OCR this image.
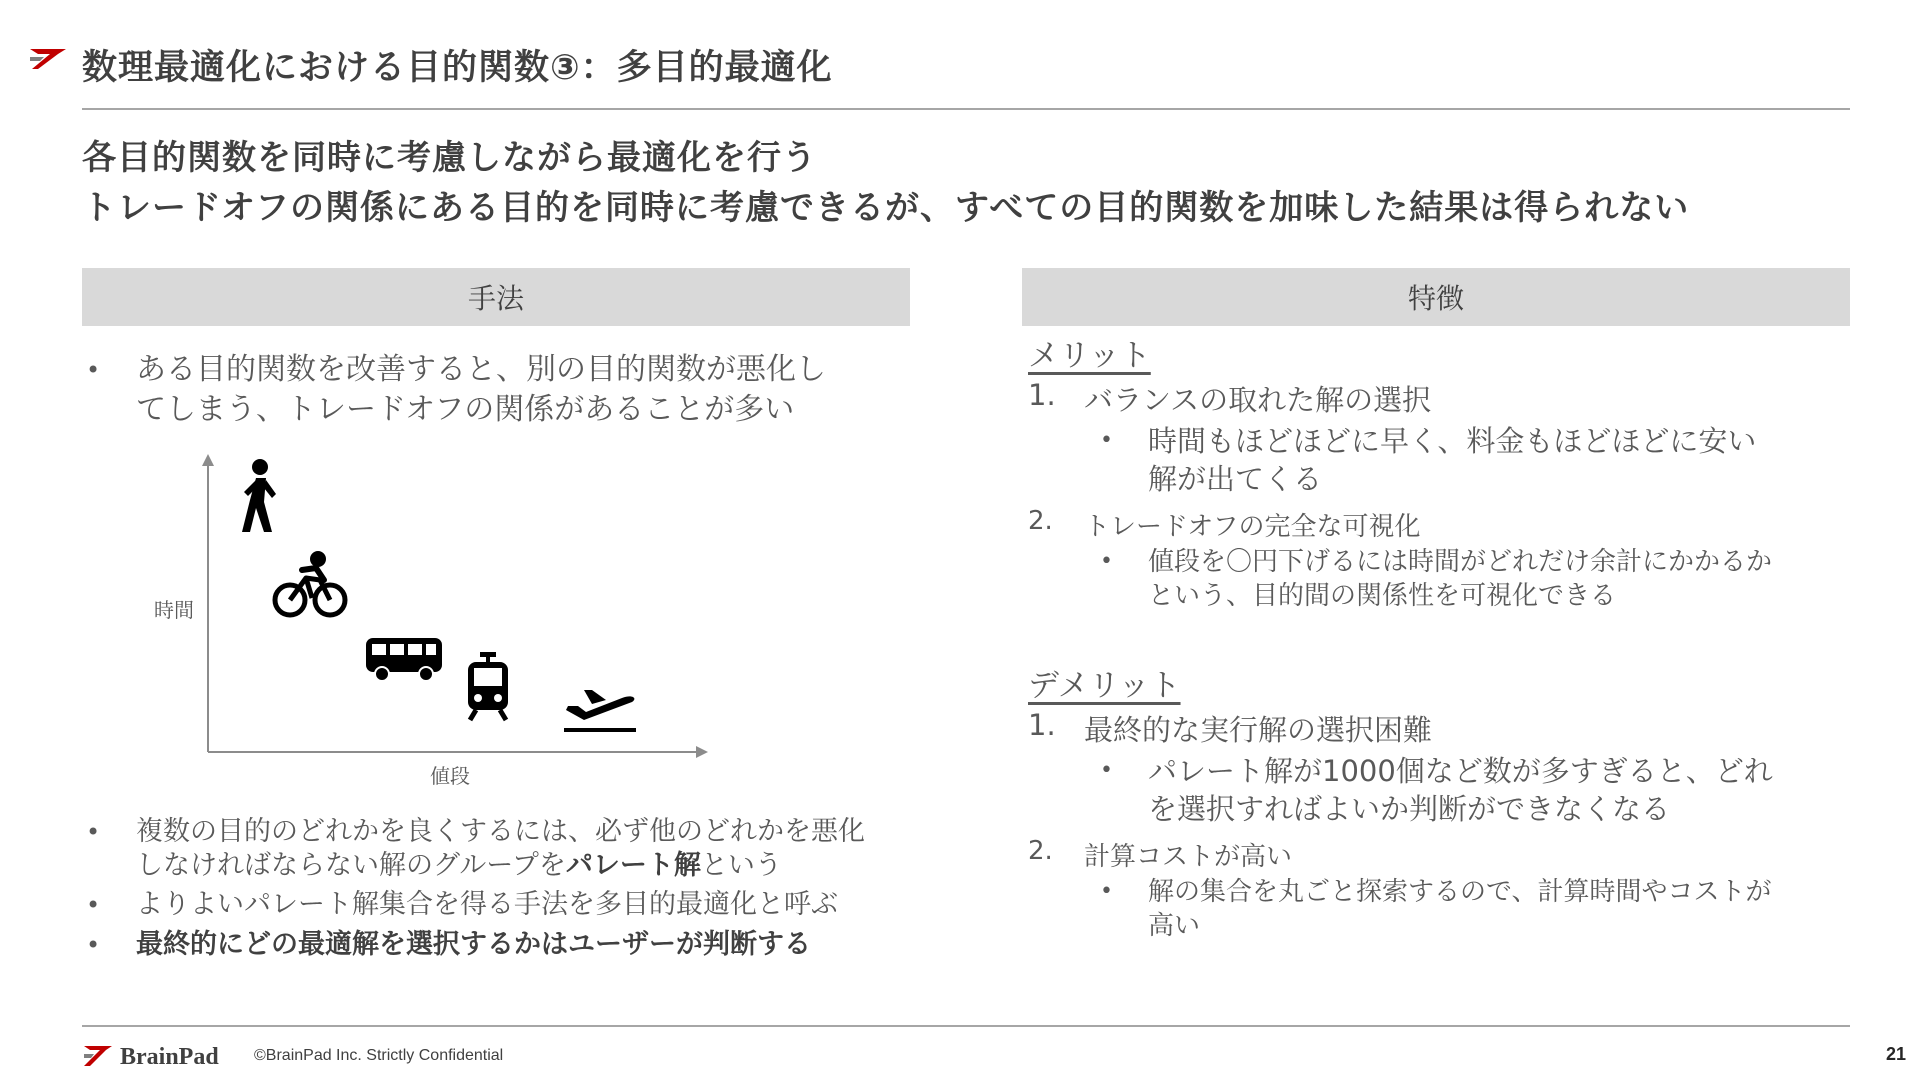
数理最適化における目的関数③：多目的最適化
各目的関数を同時に考慮しながら最適化を行う
トレードオフの関係にある目的を同時に考慮できるが、すべての目的関数を加味した結果は得られない
手法
• ある目的関数を改善すると、別の目的関数が悪化し
てしまう、トレードオフの関係があることが多い
時間
値段
• 複数の目的のどれかを良くするには、必ず他のどれかを悪化
しなければならない解のグループをパレート解という
• よりよいパレート解集合を得る手法を多目的最適化と呼ぶ
• 最終的にどの最適解を選択するかはユーザーが判断する
特徴
メリット
1. バランスの取れた解の選択
• 時間もほどほどに早く、料金もほどほどに安い
解が出てくる
2. トレードオフの完全な可視化
• 値段を〇円下げるには時間がどれだけ余計にかかるか
という、目的間の関係性を可視化できる
デメリット
1. 最終的な実行解の選択困難
• パレート解が1000個など数が多すぎると、どれ
を選択すればよいか判断ができなくなる
2. 計算コストが高い
• 解の集合を丸ごと探索するので、計算時間やコストが
高い
BrainPad ©BrainPad Inc. Strictly Confidential	21
